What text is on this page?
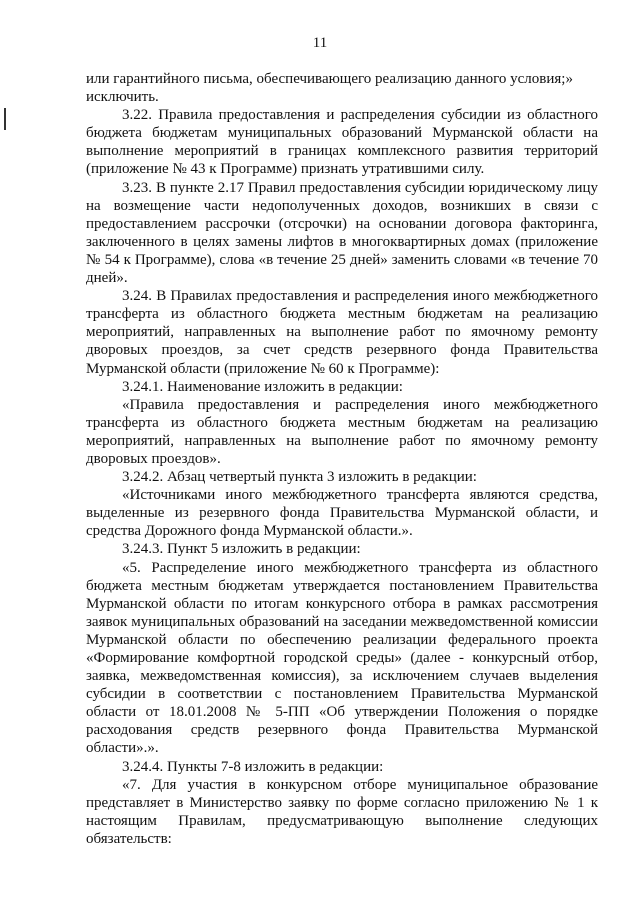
11

или гарантийного письма, обеспечивающего реализацию данного условия;»

исключить.

3.22. Правила предоставления и распределения субсидии из областного бюджета бюджетам муниципальных образований Мурманской области на выполнение мероприятий в границах комплексного развития территорий (приложение № 43 к Программе) признать утратившими силу.

3.23. В пункте 2.17 Правил предоставления субсидии юридическому лицу на возмещение части недополученных доходов, возникших в связи с предоставлением рассрочки (отсрочки) на основании договора факторинга, заключенного в целях замены лифтов в многоквартирных домах (приложение № 54 к Программе), слова «в течение 25 дней» заменить словами «в течение 70 дней».

3.24. В Правилах предоставления и распределения иного межбюджетного трансферта из областного бюджета местным бюджетам на реализацию мероприятий, направленных на выполнение работ по ямочному ремонту дворовых проездов, за счет средств резервного фонда Правительства Мурманской области (приложение № 60 к Программе):

3.24.1. Наименование изложить в редакции:

«Правила предоставления и распределения иного межбюджетного трансферта из областного бюджета местным бюджетам на реализацию мероприятий, направленных на выполнение работ по ямочному ремонту дворовых проездов».

3.24.2. Абзац четвертый пункта 3 изложить в редакции:

«Источниками иного межбюджетного трансферта являются средства, выделенные из резервного фонда Правительства Мурманской области, и средства Дорожного фонда Мурманской области.».

3.24.3. Пункт 5 изложить в редакции:

«5. Распределение иного межбюджетного трансферта из областного бюджета местным бюджетам утверждается постановлением Правительства Мурманской области по итогам конкурсного отбора в рамках рассмотрения заявок муниципальных образований на заседании межведомственной комиссии Мурманской области по обеспечению реализации федерального проекта «Формирование комфортной городской среды» (далее - конкурсный отбор, заявка, межведомственная комиссия), за исключением случаев выделения субсидии в соответствии с постановлением Правительства Мурманской области от 18.01.2008 № 5-ПП «Об утверждении Положения о порядке расходования средств резервного фонда Правительства Мурманской области».».

3.24.4. Пункты 7-8 изложить в редакции:

«7. Для участия в конкурсном отборе муниципальное образование представляет в Министерство заявку по форме согласно приложению № 1 к настоящим Правилам, предусматривающую выполнение следующих обязательств:
